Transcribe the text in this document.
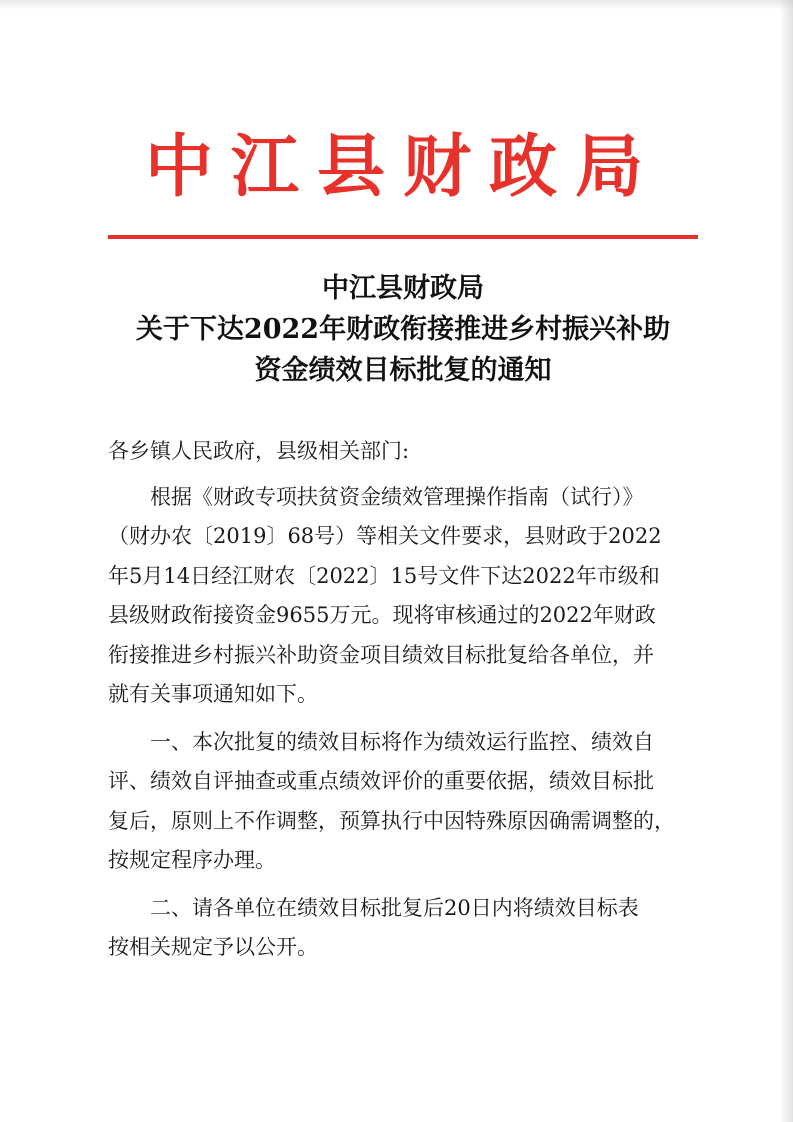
中江县财政局
中江县财政局
关于下达2022年财政衔接推进乡村振兴补助
资金绩效目标批复的通知

各乡镇人民政府，县级相关部门:

根据《财政专项扶贫资金绩效管理操作指南（试行）》

（财办农〔2019〕68号）等相关文件要求，县财政于2022

年5月14日经江财农〔2022〕15号文件下达2022年市级和

县级财政衔接资金9655万元。现将审核通过的2022年财政

衔接推进乡村振兴补助资金项目绩效目标批复给各单位，并

就有关事项通知如下。

一、本次批复的绩效目标将作为绩效运行监控、绩效自

评、绩效自评抽查或重点绩效评价的重要依据，绩效目标批

复后，原则上不作调整，预算执行中因特殊原因确需调整的，

按规定程序办理。

二、请各单位在绩效目标批复后20日内将绩效目标表

按相关规定予以公开。
